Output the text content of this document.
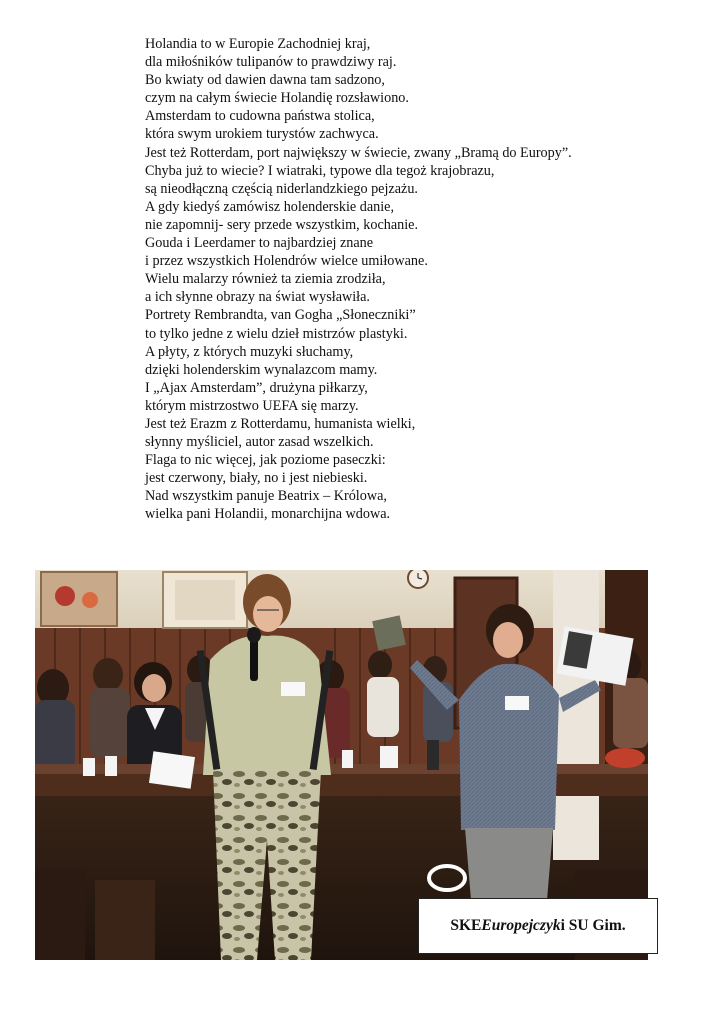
Holandia to w Europie Zachodniej kraj,
dla miłośników tulipanów to prawdziwy raj.
Bo kwiaty od dawien dawna tam sadzono,
czym na całym świecie Holandię rozsławiono.
Amsterdam to cudowna państwa stolica,
która swym urokiem turystów zachwyca.
Jest też Rotterdam, port największy w świecie, zwany „Bramą do Europy”.
Chyba już to wiecie? I wiatraki, typowe dla tegoż krajobrazu,
są nieodłączną częścią niderlandzkiego pejzażu.
A gdy kiedyś zamówisz holenderskie danie,
nie zapomnij- sery przede wszystkim, kochanie.
Gouda i Leerdamer to najbardziej znane
i przez wszystkich Holendrów wielce umiłowane.
Wielu malarzy również ta ziemia zrodziła,
a ich słynne obrazy na świat wysławiła.
Portrety Rembrandta, van Gogha „Słoneczniki”
to tylko jedne z wielu dzieł mistrzów plastyki.
A płyty, z których muzyki słuchamy,
dzięki holenderskim wynalazcom mamy.
I „Ajax Amsterdam”, drużyna piłkarzy,
którym mistrzostwo UEFA się marzy.
Jest też Erazm z Rotterdamu, humanista wielki,
słynny myśliciel, autor zasad wszelkich.
Flaga to nic więcej, jak poziome paseczki:
jest czerwony, biały, no i jest niebieski.
Nad wszystkim panuje Beatrix – Królowa,
wielka pani Holandii, monarchijna wdowa.
SKE Europejczyk i SU Gim.
